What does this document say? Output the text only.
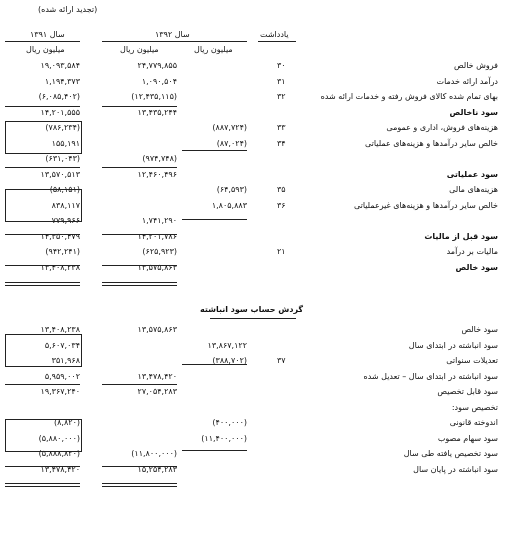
(تجدید ارائه شده)
سال ۱۳۹۲
سال ۱۳۹۱	یادداشت
میلیون ریال
میلیون ریال
میلیون ریال
فروش خالص
۳۰
۲۴,۷۷۹,۸۵۵
۱۹,۰۹۳,۵۸۴
درآمد ارائه خدمات
۳۱
۱,۰۹۰,۵۰۴
۱,۱۹۴,۳۷۳
بهای تمام شده کالای فروش رفته و خدمات ارائه شده
۳۲
(۱۲,۴۳۵,۱۱۵)
(۶,۰۸۵,۴۰۲)
سود ناخالص
۱۳,۴۳۵,۲۴۴
۱۴,۲۰۱,۵۵۵
هزینه‌های فروش، اداری و عمومی
۳۳
(۸۸۷,۷۲۴)
(۷۸۶,۲۳۴)
خالص سایر درآمدها و هزینه‌های عملیاتی
۳۴
(۸۷,۰۲۴)
۱۵۵,۱۹۱
(۹۷۴,۷۴۸)
(۶۳۱,۰۴۳)
سود عملیاتی
۱۲,۴۶۰,۴۹۶
۱۳,۵۷۰,۵۱۳
هزینه‌های مالی
۳۵
(۶۴,۵۹۳)
(۵۸,۱۵۱)
خالص سایر درآمدها و هزینه‌های غیرعملیاتی
۳۶
۱,۸۰۵,۸۸۳
۸۳۸,۱۱۷
۱,۷۴۱,۲۹۰
۷۷۹,۹۶۶
سود قبل از مالیات
۱۴,۲۰۱,۷۸۶
۱۴,۳۵۰,۴۷۹
مالیات بر درآمد
۲۱
(۶۲۵,۹۲۳)
(۹۴۲,۲۴۱)
سود خالص
۱۳,۵۷۵,۸۶۳
۱۳,۴۰۸,۲۳۸
گردش حساب سود انباشته
سود خالص
۱۳,۵۷۵,۸۶۳
۱۳,۴۰۸,۲۳۸
سود انباشته در ابتدای سال
۱۳,۸۶۷,۱۲۲
۵,۶۰۷,۰۳۴
تعدیلات سنواتی
۳۷
(۳۸۸,۷۰۲)
۳۵۱,۹۶۸
سود انباشته در ابتدای سال – تعدیل شده
۱۳,۴۷۸,۴۲۰
۵,۹۵۹,۰۰۲
سود قابل تخصیص
۲۷,۰۵۴,۲۸۳
۱۹,۳۶۷,۲۴۰
تخصیص سود:
اندوخته قانونی
(۴۰۰,۰۰۰)
(۸,۸۲۰)
سود سهام مصوب
(۱۱,۴۰۰,۰۰۰)
(۵,۸۸۰,۰۰۰)
سود تخصیص یافته طی سال
(۱۱,۸۰۰,۰۰۰)
(۵,۸۸۸,۸۲۰)
سود انباشته در پایان سال
۱۵,۲۵۴,۲۸۳
۱۳,۴۷۸,۴۲۰
